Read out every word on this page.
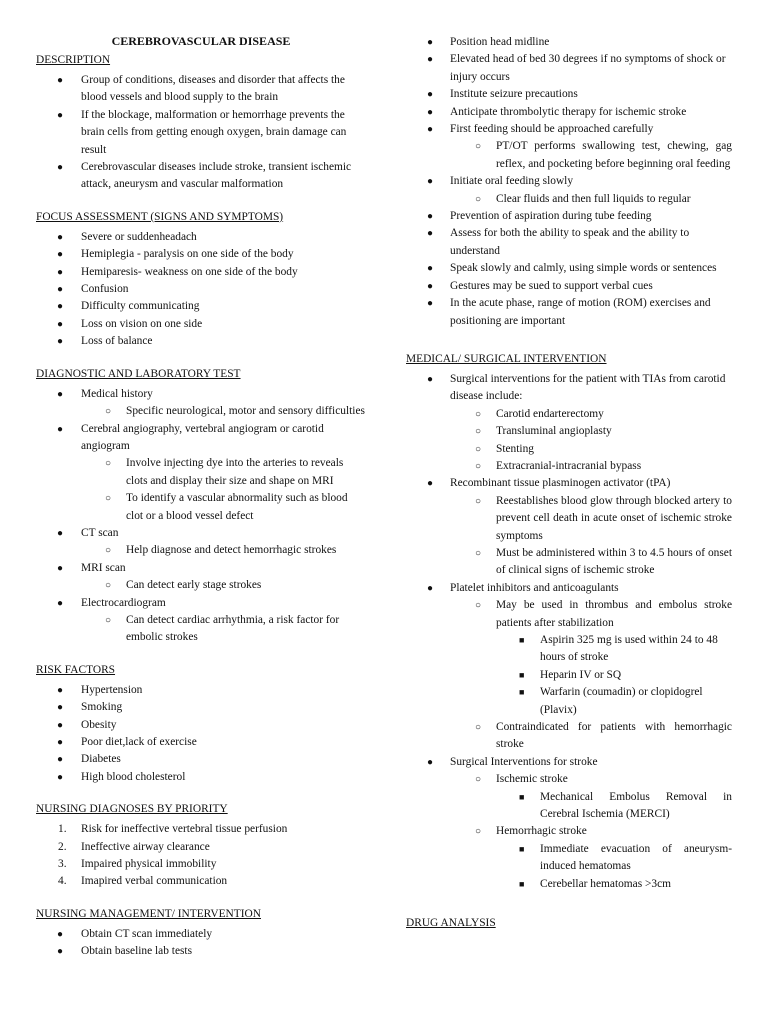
CEREBROVASCULAR DISEASE
DESCRIPTION
● Group of conditions, diseases and disorder that affects the blood vessels and blood supply to the brain
● If the blockage, malformation or hemorrhage prevents the brain cells from getting enough oxygen, brain damage can result
● Cerebrovascular diseases include stroke, transient ischemic attack, aneurysm and vascular malformation
FOCUS ASSESSMENT (SIGNS AND SYMPTOMS)
● Severe or suddenheadach
● Hemiplegia - paralysis on one side of the body
● Hemiparesis- weakness on one side of the body
● Confusion
● Difficulty communicating
● Loss on vision on one side
● Loss of balance
DIAGNOSTIC AND LABORATORY TEST
● Medical history
○ Specific neurological, motor and sensory difficulties
● Cerebral angiography, vertebral angiogram or carotid angiogram
○ Involve injecting dye into the arteries to reveals clots and display their size and shape on MRI
○ To identify a vascular abnormality such as blood clot or a blood vessel defect
● CT scan
○ Help diagnose and detect hemorrhagic strokes
● MRI scan
○ Can detect early stage strokes
● Electrocardiogram
○ Can detect cardiac arrhythmia, a risk factor for embolic strokes
RISK FACTORS
● Hypertension
● Smoking
● Obesity
● Poor diet,lack of exercise
● Diabetes
● High blood cholesterol
NURSING DIAGNOSES BY PRIORITY
1. Risk for ineffective vertebral tissue perfusion
2. Ineffective airway clearance
3. Impaired physical immobility
4. Imapired verbal communication
NURSING MANAGEMENT/ INTERVENTION
● Obtain CT scan immediately
● Obtain baseline lab tests
● Position head midline
● Elevated head of bed 30 degrees if no symptoms of shock or injury occurs
● Institute seizure precautions
● Anticipate thrombolytic therapy for ischemic stroke
● First feeding should be approached carefully
○ PT/OT performs swallowing test, chewing, gag reflex, and pocketing before beginning oral feeding
● Initiate oral feeding slowly
○ Clear fluids and then full liquids to regular
● Prevention of aspiration during tube feeding
● Assess for both the ability to speak and the ability to understand
● Speak slowly and calmly, using simple words or sentences
● Gestures may be sued to support verbal cues
● In the acute phase, range of motion (ROM) exercises and positioning are important
MEDICAL/ SURGICAL INTERVENTION
● Surgical interventions for the patient with TIAs from carotid disease include:
○ Carotid endarterectomy
○ Transluminal angioplasty
○ Stenting
○ Extracranial-intracranial bypass
● Recombinant tissue plasminogen activator (tPA)
○ Reestablishes blood glow through blocked artery to prevent cell death in acute onset of ischemic stroke symptoms
○ Must be administered within 3 to 4.5 hours of onset of clinical signs of ischemic stroke
● Platelet inhibitors and anticoagulants
○ May be used in thrombus and embolus stroke patients after stabilization
■ Aspirin 325 mg is used within 24 to 48 hours of stroke
■ Heparin IV or SQ
■ Warfarin (coumadin) or clopidogrel (Plavix)
○ Contraindicated for patients with hemorrhagic stroke
● Surgical Interventions for stroke
○ Ischemic stroke
■ Mechanical Embolus Removal in Cerebral Ischemia (MERCI)
○ Hemorrhagic stroke
■ Immediate evacuation of aneurysm-induced hematomas
■ Cerebellar hematomas >3cm
DRUG ANALYSIS
